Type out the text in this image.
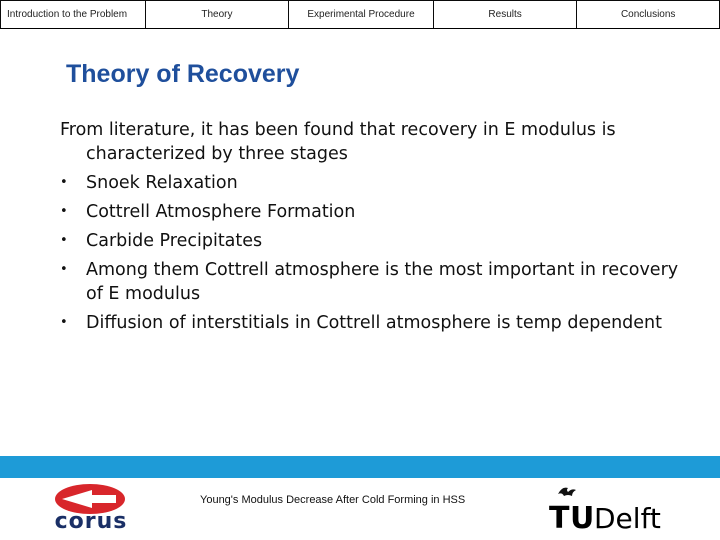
Introduction to the Problem	Theory	Experimental Procedure	Results	Conclusions
Theory of Recovery

From literature, it has been found that recovery in E modulus is characterized by three stages

• Snoek Relaxation
• Cottrell Atmosphere Formation
• Carbide Precipitates
• Among them Cottrell atmosphere is the most important in recovery of E modulus
• Diffusion of interstitials in Cottrell atmosphere is temp dependent
corus
Young's Modulus Decrease After Cold Forming in HSS
T U Delft
